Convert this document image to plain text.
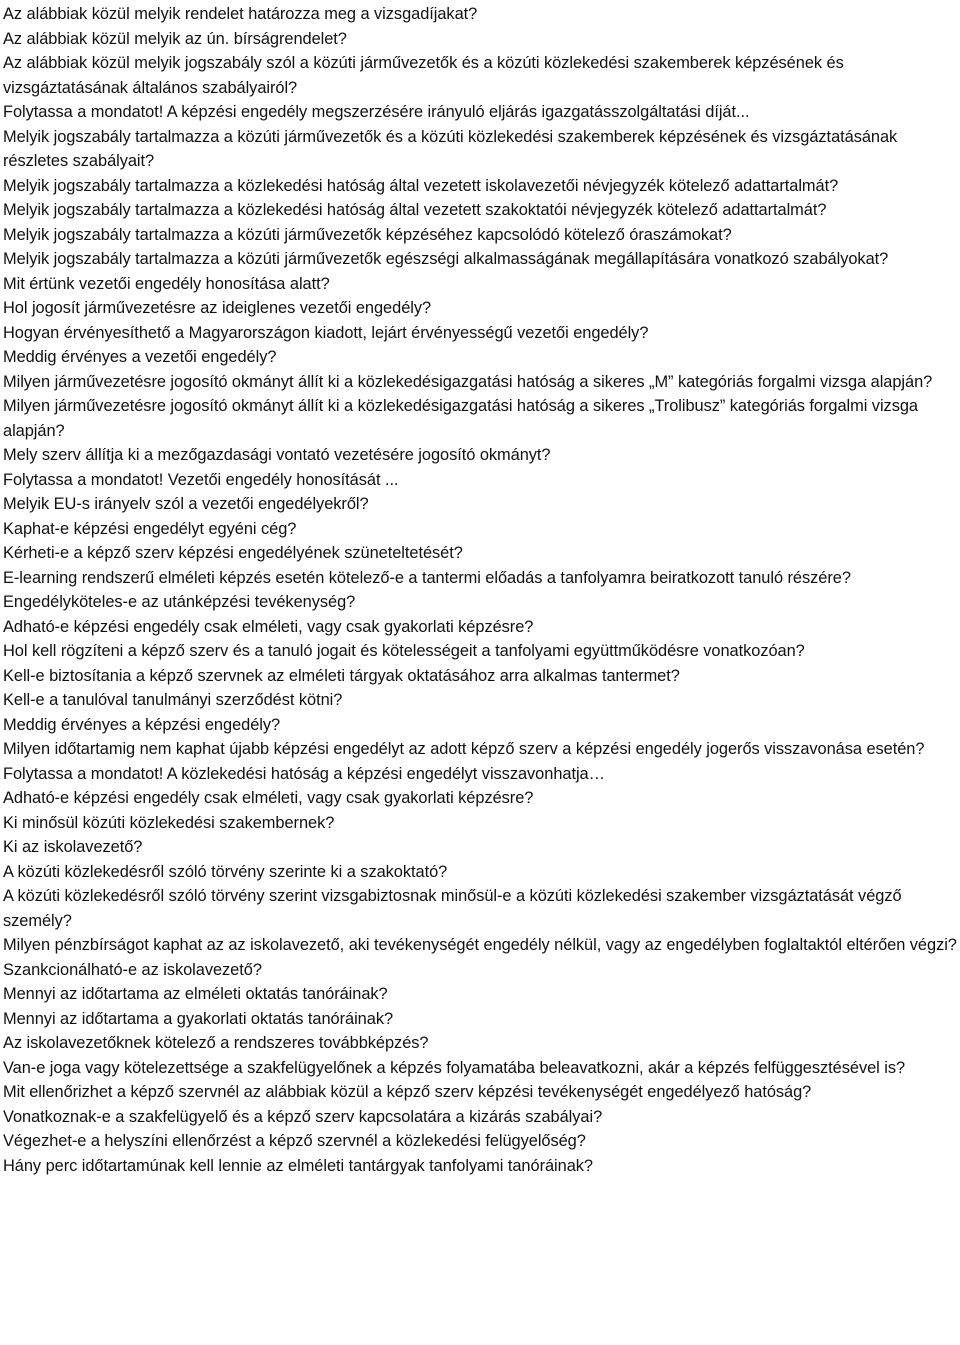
Az alábbiak közül melyik rendelet határozza meg a vizsgadíjakat?

Az alábbiak közül melyik az ún. bírságrendelet?

Az alábbiak közül melyik jogszabály szól a közúti járművezetők és a közúti közlekedési szakemberek képzésének és vizsgáztatásának általános szabályairól?

Folytassa a mondatot! A képzési engedély megszerzésére irányuló eljárás igazgatásszolgáltatási díját...

Melyik jogszabály tartalmazza a közúti járművezetők és a közúti közlekedési szakemberek képzésének és vizsgáztatásának részletes szabályait?

Melyik jogszabály tartalmazza a közlekedési hatóság által vezetett iskolavezetői névjegyzék kötelező adattartalmát?

Melyik jogszabály tartalmazza a közlekedési hatóság által vezetett szakoktatói névjegyzék kötelező adattartalmát?

Melyik jogszabály tartalmazza a közúti járművezetők képzéséhez kapcsolódó kötelező óraszámokat?

Melyik jogszabály tartalmazza a közúti járművezetők egészségi alkalmasságának megállapítására vonatkozó szabályokat?

Mit értünk vezetői engedély honosítása alatt?

Hol jogosít járművezetésre az ideiglenes vezetői engedély?

Hogyan érvényesíthető a Magyarországon kiadott, lejárt érvényességű vezetői engedély?

Meddig érvényes a vezetői engedély?

Milyen járművezetésre jogosító okmányt állít ki a közlekedésigazgatási hatóság a sikeres „M” kategóriás forgalmi vizsga alapján?

Milyen járművezetésre jogosító okmányt állít ki a közlekedésigazgatási hatóság a sikeres „Trolibusz” kategóriás forgalmi vizsga alapján?

Mely szerv állítja ki a mezőgazdasági vontató vezetésére jogosító okmányt?

Folytassa a mondatot! Vezetői engedély honosítását ...

Melyik EU-s irányelv szól a vezetői engedélyekről?

Kaphat-e képzési engedélyt egyéni cég?

Kérheti-e a képző szerv képzési engedélyének szüneteltetését?

E-learning rendszerű elméleti képzés esetén kötelező-e a tantermi előadás a tanfolyamra beiratkozott tanuló részére?

Engedélyköteles-e az utánképzési tevékenység?

Adható-e képzési engedély csak elméleti, vagy csak gyakorlati képzésre?

Hol kell rögzíteni a képző szerv és a tanuló jogait és kötelességeit a tanfolyami együttműködésre vonatkozóan?

Kell-e biztosítania a képző szervnek az elméleti tárgyak oktatásához arra alkalmas tantermet?

Kell-e a tanulóval tanulmányi szerződést kötni?

Meddig érvényes a képzési engedély?

Milyen időtartamig nem kaphat újabb képzési engedélyt az adott képző szerv a képzési engedély jogerős visszavonása esetén?

Folytassa a mondatot! A közlekedési hatóság a képzési engedélyt visszavonhatja…

Adható-e képzési engedély csak elméleti, vagy csak gyakorlati képzésre?

Ki minősül közúti közlekedési szakembernek?

Ki az iskolavezető?

A közúti közlekedésről szóló törvény szerinte ki a szakoktató?

A közúti közlekedésről szóló törvény szerint vizsgabiztosnak minősül-e a közúti közlekedési szakember vizsgáztatását végző személy?

Milyen pénzbírságot kaphat az az iskolavezető, aki tevékenységét engedély nélkül, vagy az engedélyben foglaltaktól eltérően végzi?

Szankcionálható-e az iskolavezető?

Mennyi az időtartama az elméleti oktatás tanóráinak?

Mennyi az időtartama a gyakorlati oktatás tanóráinak?

Az iskolavezetőknek kötelező a rendszeres továbbképzés?

Van-e joga vagy kötelezettsége a szakfelügyelőnek a képzés folyamatába beleavatkozni, akár a képzés felfüggesztésével is?

Mit ellenőrizhet a képző szervnél az alábbiak közül a képző szerv képzési tevékenységét engedélyező hatóság?

Vonatkoznak-e a szakfelügyelő és a képző szerv kapcsolatára a kizárás szabályai?

Végezhet-e a helyszíni ellenőrzést a képző szervnél a közlekedési felügyelőség?

Hány perc időtartamúnak kell lennie az elméleti tantárgyak tanfolyami tanóráinak?
